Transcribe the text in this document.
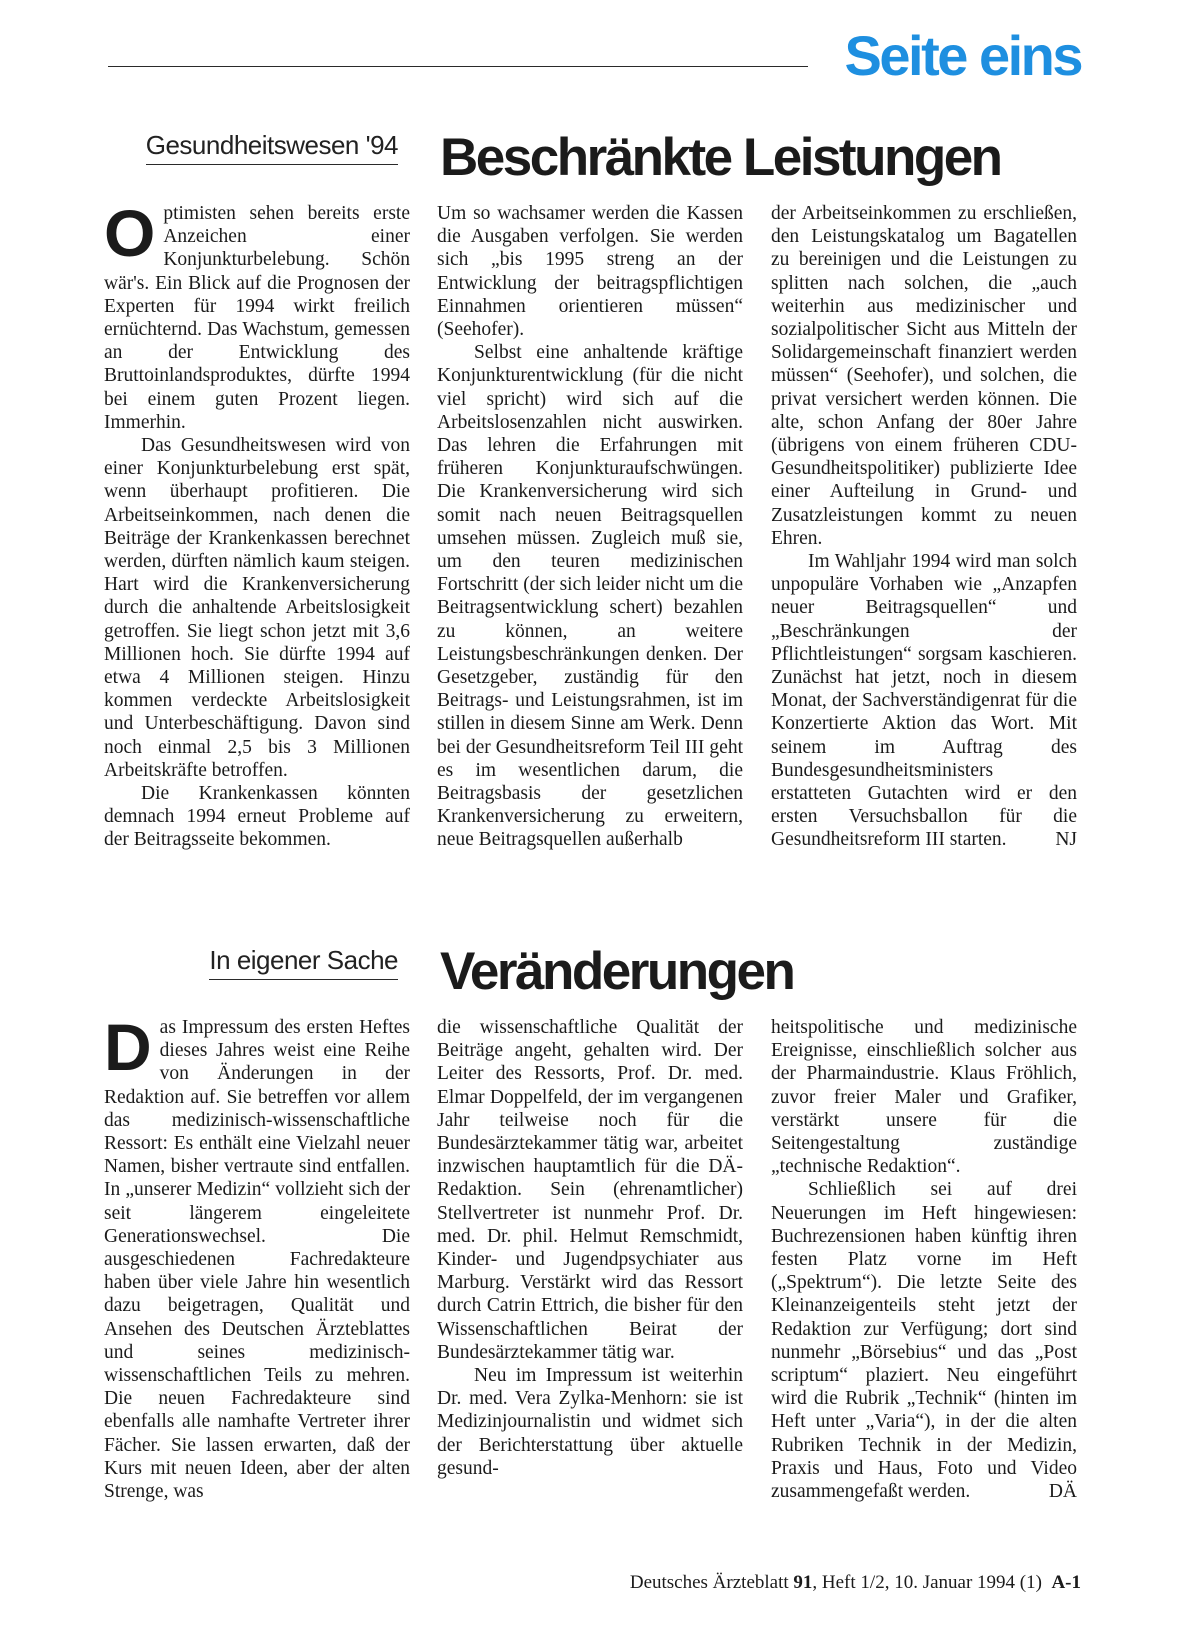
Seite eins
Gesundheitswesen '94 Beschränkte Leistungen

Optimisten sehen bereits erste Anzeichen einer Konjunkturbelebung. Schön wär's. Ein Blick auf die Prognosen der Experten für 1994 wirkt freilich ernüchternd. Das Wachstum, gemessen an der Entwicklung des Bruttoinlandsproduktes, dürfte 1994 bei einem guten Prozent liegen. Immerhin.

Das Gesundheitswesen wird von einer Konjunkturbelebung erst spät, wenn überhaupt profitieren. Die Arbeitseinkommen, nach denen die Beiträge der Krankenkassen berechnet werden, dürften nämlich kaum steigen. Hart wird die Krankenversicherung durch die anhaltende Arbeitslosigkeit getroffen. Sie liegt schon jetzt mit 3,6 Millionen hoch. Sie dürfte 1994 auf etwa 4 Millionen steigen. Hinzu kommen verdeckte Arbeitslosigkeit und Unterbeschäftigung. Davon sind noch einmal 2,5 bis 3 Millionen Arbeitskräfte betroffen.

Die Krankenkassen könnten demnach 1994 erneut Probleme auf der Beitragsseite bekommen.

Um so wachsamer werden die Kassen die Ausgaben verfolgen. Sie werden sich „bis 1995 streng an der Entwicklung der beitragspflichtigen Einnahmen orientieren müssen“ (Seehofer).

Selbst eine anhaltende kräftige Konjunkturentwicklung (für die nicht viel spricht) wird sich auf die Arbeitslosenzahlen nicht auswirken. Das lehren die Erfahrungen mit früheren Konjunkturaufschwüngen. Die Krankenversicherung wird sich somit nach neuen Beitragsquellen umsehen müssen. Zugleich muß sie, um den teuren medizinischen Fortschritt (der sich leider nicht um die Beitragsentwicklung schert) bezahlen zu können, an weitere Leistungsbeschränkungen denken. Der Gesetzgeber, zuständig für den Beitrags- und Leistungsrahmen, ist im stillen in diesem Sinne am Werk. Denn bei der Gesundheitsreform Teil III geht es im wesentlichen darum, die Beitragsbasis der gesetzlichen Krankenversicherung zu erweitern, neue Beitragsquellen außerhalb

der Arbeitseinkommen zu erschließen, den Leistungskatalog um Bagatellen zu bereinigen und die Leistungen zu splitten nach solchen, die „auch weiterhin aus medizinischer und sozialpolitischer Sicht aus Mitteln der Solidargemeinschaft finanziert werden müssen“ (Seehofer), und solchen, die privat versichert werden können. Die alte, schon Anfang der 80er Jahre (übrigens von einem früheren CDU-Gesundheitspolitiker) publizierte Idee einer Aufteilung in Grund- und Zusatzleistungen kommt zu neuen Ehren.

Im Wahljahr 1994 wird man solch unpopuläre Vorhaben wie „Anzapfen neuer Beitragsquellen“ und „Beschränkungen der Pflichtleistungen“ sorgsam kaschieren. Zunächst hat jetzt, noch in diesem Monat, der Sachverständigenrat für die Konzertierte Aktion das Wort. Mit seinem im Auftrag des Bundesgesundheitsministers erstatteten Gutachten wird er den ersten Versuchsballon für die Gesundheitsreform III starten.	NJ

In eigener Sache Veränderungen

Das Impressum des ersten Heftes dieses Jahres weist eine Reihe von Änderungen in der Redaktion auf. Sie betreffen vor allem das medizinisch-wissenschaftliche Ressort: Es enthält eine Vielzahl neuer Namen, bisher vertraute sind entfallen. In „unserer Medizin“ vollzieht sich der seit längerem eingeleitete Generationswechsel. Die ausgeschiedenen Fachredakteure haben über viele Jahre hin wesentlich dazu beigetragen, Qualität und Ansehen des Deutschen Ärzteblattes und seines medizinisch-wissenschaftlichen Teils zu mehren. Die neuen Fachredakteure sind ebenfalls alle namhafte Vertreter ihrer Fächer. Sie lassen erwarten, daß der Kurs mit neuen Ideen, aber der alten Strenge, was

die wissenschaftliche Qualität der Beiträge angeht, gehalten wird. Der Leiter des Ressorts, Prof. Dr. med. Elmar Doppelfeld, der im vergangenen Jahr teilweise noch für die Bundesärztekammer tätig war, arbeitet inzwischen hauptamtlich für die DÄ-Redaktion. Sein (ehrenamtlicher) Stellvertreter ist nunmehr Prof. Dr. med. Dr. phil. Helmut Remschmidt, Kinder- und Jugendpsychiater aus Marburg. Verstärkt wird das Ressort durch Catrin Ettrich, die bisher für den Wissenschaftlichen Beirat der Bundesärztekammer tätig war.

Neu im Impressum ist weiterhin Dr. med. Vera Zylka-Menhorn: sie ist Medizinjournalistin und widmet sich der Berichterstattung über aktuelle gesund-

heitspolitische und medizinische Ereignisse, einschließlich solcher aus der Pharmaindustrie. Klaus Fröhlich, zuvor freier Maler und Grafiker, verstärkt unsere für die Seitengestaltung zuständige „technische Redaktion“.

Schließlich sei auf drei Neuerungen im Heft hingewiesen: Buchrezensionen haben künftig ihren festen Platz vorne im Heft („Spektrum“). Die letzte Seite des Kleinanzeigenteils steht jetzt der Redaktion zur Verfügung; dort sind nunmehr „Börsebius“ und das „Post scriptum“ plaziert. Neu eingeführt wird die Rubrik „Technik“ (hinten im Heft unter „Varia“), in der die alten Rubriken Technik in der Medizin, Praxis und Haus, Foto und Video zusammengefaßt werden.	DÄ

Deutsches Ärzteblatt 91, Heft 1/2, 10. Januar 1994 (1) A-1
